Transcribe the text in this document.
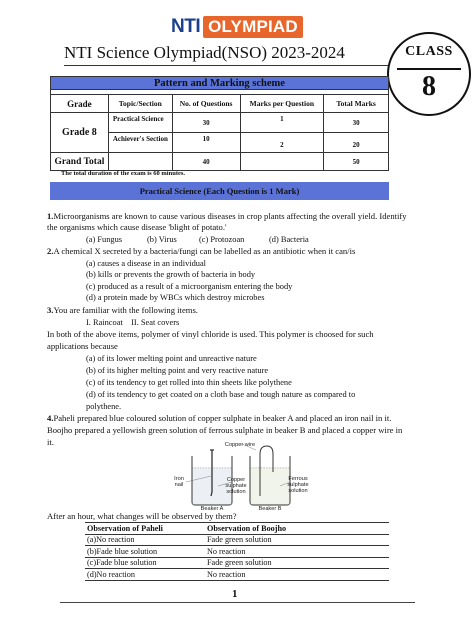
NTI OLYMPIAD
NTI Science Olympiad(NSO) 2023-2024	CLASS
8
Pattern and Marking scheme				

Grade	Topic/Section	No. of Questions	Marks per Question	Total Marks
Grade 8	Practical Science	30	1	30
	Achiever's Section	10	2	20
Grand Total		40		50
The total duration of the exam is 60 minutes.
Practical Science (Each Question is 1 Mark)
1.Microorganisms are known to cause various diseases in crop plants affecting the overall yield. Identify
the organisms which cause disease 'blight of potato.'
(a) Fungus	(b) Virus	(c) Protozoan	(d) Bacteria
2.A chemical X secreted by a bacteria/fungi can be labelled as an antibiotic when it can/is
(a) causes a disease in an individual
(b) kills or prevents the growth of bacteria in body
(c) produced as a result of a microorganism entering the body
(d) a protein made by WBCs which destroy microbes
3.You are familiar with the following items.
I. Raincoat    II. Seat covers
In both of the above items, polymer of vinyl chloride is used. This polymer is choosed for such
applications because
(a) of its lower melting point and unreactive nature
(b) of its higher melting point and very reactive nature
(c) of its tendency to get rolled into thin sheets like polythene
(d) of its tendency to get coated on a cloth base and tough nature as compared to
polythene.
4.Paheli prepared blue coloured solution of copper sulphate in beaker A and placed an iron nail in it.
Boojho prepared a yellowish green solution of ferrous sulphate in beaker B and placed a copper wire in
it.	Copper wire
Iron nail
Copper sulphate solution
Ferrous sulphate solution
Beaker A	Beaker B
After an hour, what changes will be observed by them?
Observation of Paheli	Observation of Boojho
(a)No reaction	Fade green solution
(b)Fade blue solution	No reaction
(c)Fade blue solution	Fade green solution
(d)No reaction	No reaction
1
